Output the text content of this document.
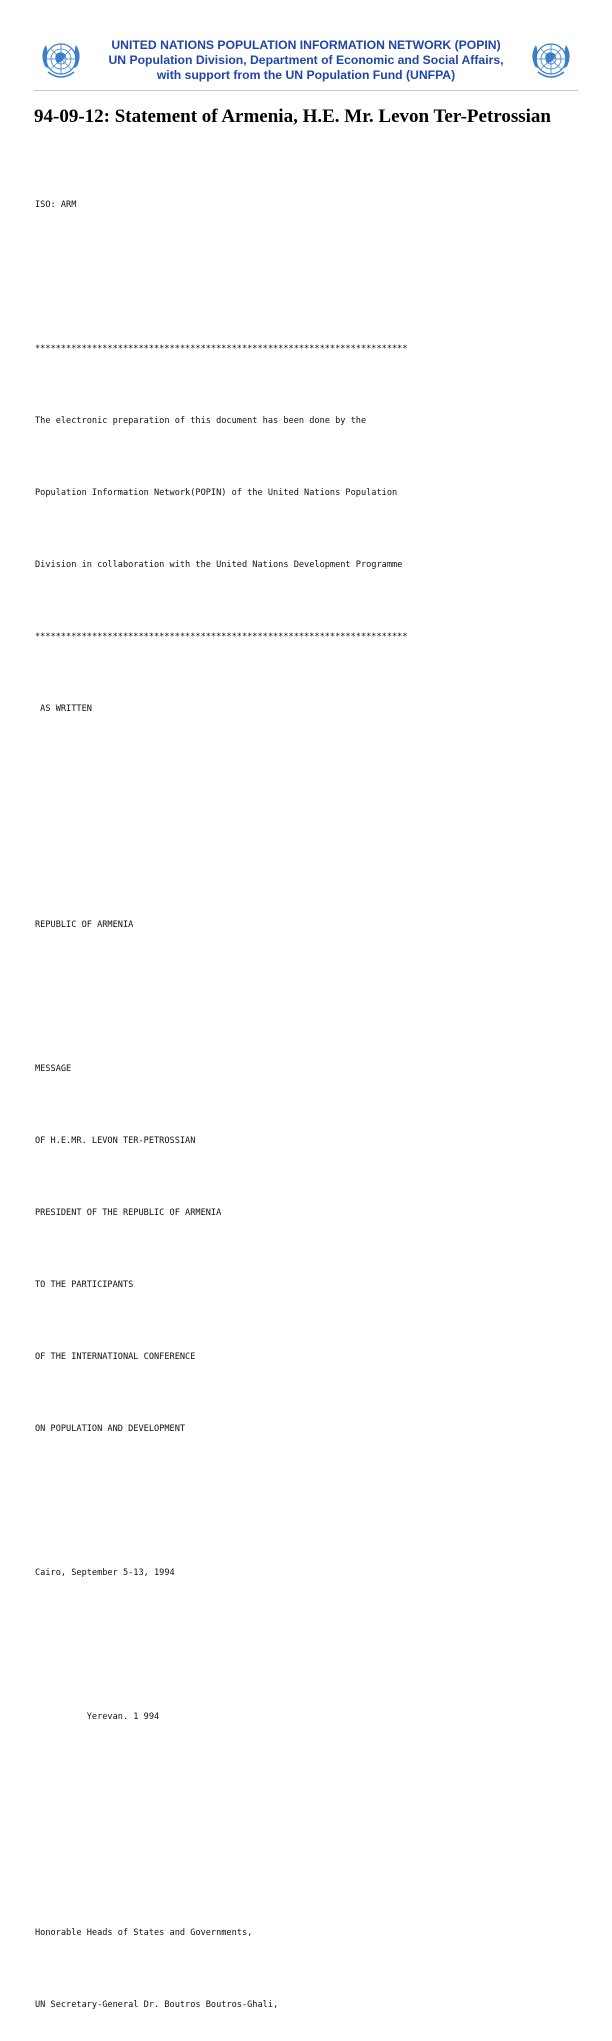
UNITED NATIONS POPULATION INFORMATION NETWORK (POPIN)
UN Population Division, Department of Economic and Social Affairs,
with support from the UN Population Fund (UNFPA)
94-09-12: Statement of Armenia, H.E. Mr. Levon Ter-Petrossian

ISO: ARM

************************************************************************

The electronic preparation of this document has been done by the

Population Information Network(POPIN) of the United Nations Population

Division in collaboration with the United Nations Development Programme

************************************************************************

AS WRITTEN

REPUBLIC OF ARMENIA

MESSAGE

OF H.E.MR. LEVON TER-PETROSSIAN

PRESIDENT OF THE REPUBLIC OF ARMENIA

TO THE PARTICIPANTS

OF THE INTERNATIONAL CONFERENCE

ON POPULATION AND DEVELOPMENT

Cairo, September 5-13, 1994

Yerevan. 1 994

Honorable Heads of States and Governments,

UN Secretary-General Dr. Boutros Boutros-Ghali,
